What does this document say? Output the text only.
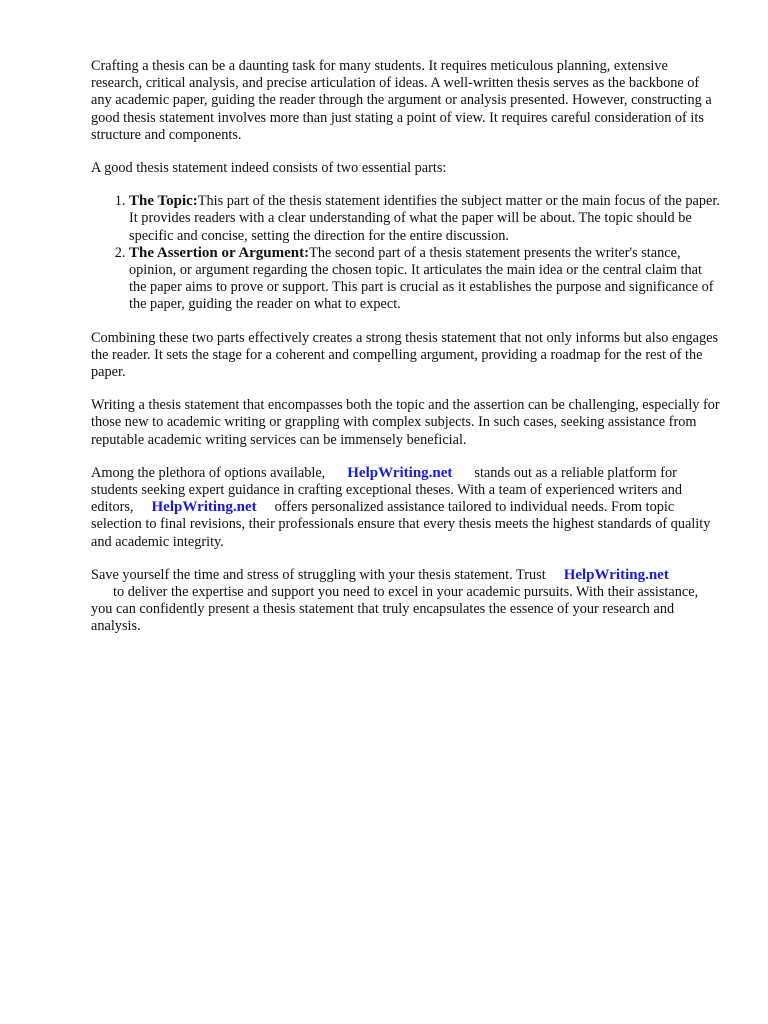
Crafting a thesis can be a daunting task for many students. It requires meticulous planning, extensive research, critical analysis, and precise articulation of ideas. A well-written thesis serves as the backbone of any academic paper, guiding the reader through the argument or analysis presented. However, constructing a good thesis statement involves more than just stating a point of view. It requires careful consideration of its structure and components.

A good thesis statement indeed consists of two essential parts:

1. The Topic:This part of the thesis statement identifies the subject matter or the main focus of the paper. It provides readers with a clear understanding of what the paper will be about. The topic should be specific and concise, setting the direction for the entire discussion.
2. The Assertion or Argument:The second part of a thesis statement presents the writer's stance, opinion, or argument regarding the chosen topic. It articulates the main idea or the central claim that the paper aims to prove or support. This part is crucial as it establishes the purpose and significance of the paper, guiding the reader on what to expect.

Combining these two parts effectively creates a strong thesis statement that not only informs but also engages the reader. It sets the stage for a coherent and compelling argument, providing a roadmap for the rest of the paper.

Writing a thesis statement that encompasses both the topic and the assertion can be challenging, especially for those new to academic writing or grappling with complex subjects. In such cases, seeking assistance from reputable academic writing services can be immensely beneficial.

Among the plethora of options available, HelpWriting.net stands out as a reliable platform for students seeking expert guidance in crafting exceptional theses. With a team of experienced writers and editors, HelpWriting.net offers personalized assistance tailored to individual needs. From topic selection to final revisions, their professionals ensure that every thesis meets the highest standards of quality and academic integrity.

Save yourself the time and stress of struggling with your thesis statement. Trust HelpWriting.net
to deliver the expertise and support you need to excel in your academic pursuits. With their assistance, you can confidently present a thesis statement that truly encapsulates the essence of your research and analysis.
